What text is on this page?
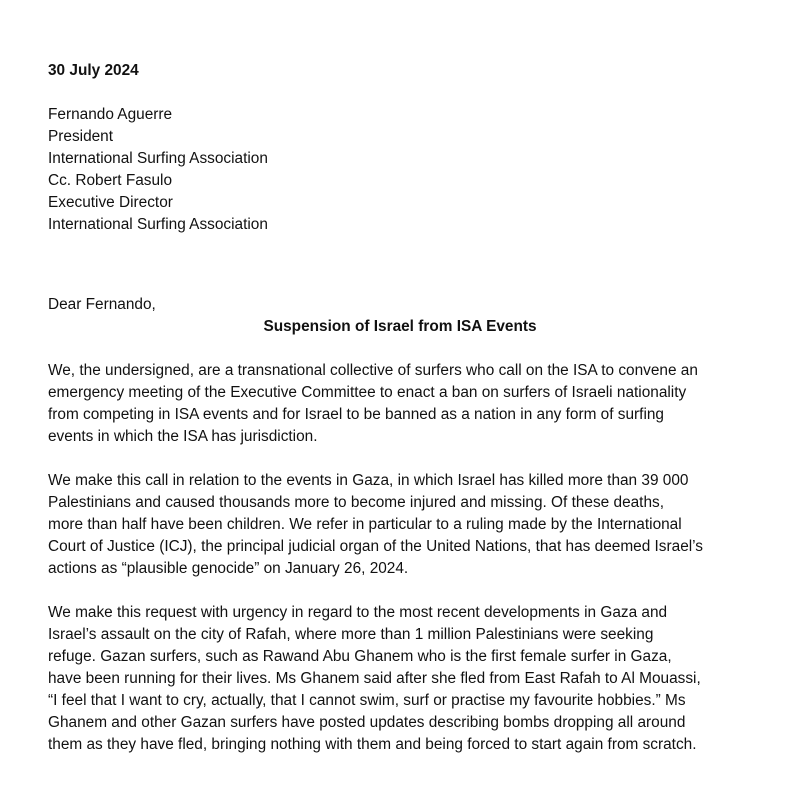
30 July 2024
Fernando Aguerre
President
International Surfing Association
Cc. Robert Fasulo
Executive Director
International Surfing Association
Dear Fernando,
Suspension of Israel from ISA Events

We, the undersigned, are a transnational collective of surfers who call on the ISA to convene an

emergency meeting of the Executive Committee to enact a ban on surfers of Israeli nationality

from competing in ISA events and for Israel to be banned as a nation in any form of surfing

events in which the ISA has jurisdiction.

We make this call in relation to the events in Gaza, in which Israel has killed more than 39 000

Palestinians and caused thousands more to become injured and missing. Of these deaths,

more than half have been children. We refer in particular to a ruling made by the International

Court of Justice (ICJ), the principal judicial organ of the United Nations, that has deemed Israel’s

actions as “plausible genocide” on January 26, 2024.

We make this request with urgency in regard to the most recent developments in Gaza and

Israel’s assault on the city of Rafah, where more than 1 million Palestinians were seeking

refuge. Gazan surfers, such as Rawand Abu Ghanem who is the first female surfer in Gaza,

have been running for their lives. Ms Ghanem said after she fled from East Rafah to Al Mouassi,

“I feel that I want to cry, actually, that I cannot swim, surf or practise my favourite hobbies.” Ms

Ghanem and other Gazan surfers have posted updates describing bombs dropping all around

them as they have fled, bringing nothing with them and being forced to start again from scratch.
